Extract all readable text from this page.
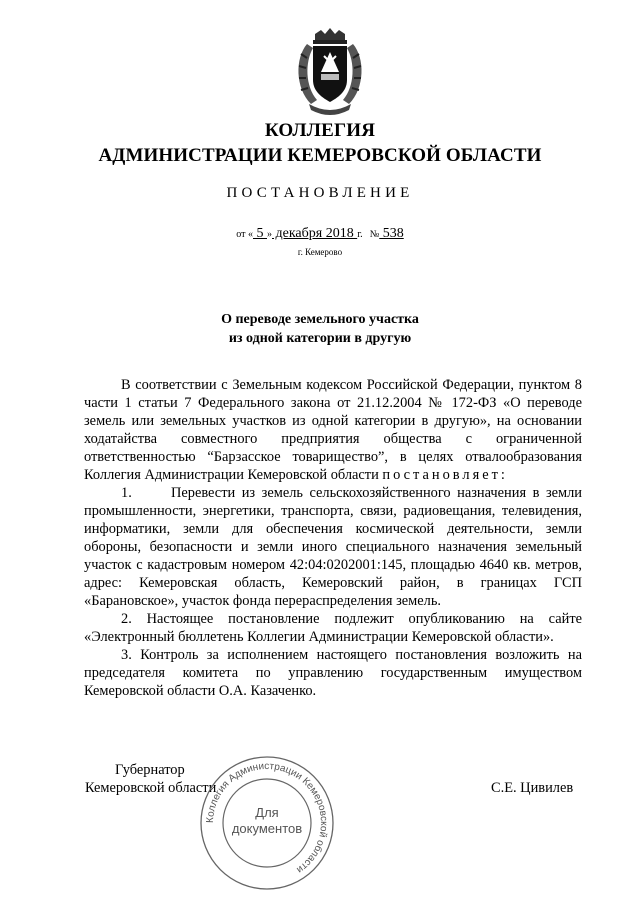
КОЛЛЕГИЯ
АДМИНИСТРАЦИИ КЕМЕРОВСКОЙ ОБЛАСТИ
ПОСТАНОВЛЕНИЕ
от « 5 » декабря 2018 г. № 538
г. Кемерово
О переводе земельного участка
из одной категории в другую

В соответствии с Земельным кодексом Российской Федерации, пунктом 8 части 1 статьи 7 Федерального закона от 21.12.2004 № 172-ФЗ «О переводе земель или земельных участков из одной категории в другую», на основании ходатайства совместного предприятия общества с ограниченной ответственностью “Барзасское товарищество”, в целях отвалообразования Коллегия Администрации Кемеровской области постановляет:

1.      Перевести из земель сельскохозяйственного назначения в земли промышленности, энергетики, транспорта, связи, радиовещания, телевидения, информатики, земли для обеспечения космической деятельности, земли обороны, безопасности и земли иного специального назначения земельный участок с кадастровым номером 42:04:0202001:145, площадью 4640 кв. метров, адрес: Кемеровская область, Кемеровский район, в границах ГСП «Барановское», участок фонда перераспределения земель.

2. Настоящее постановление подлежит опубликованию на сайте «Электронный бюллетень Коллегии Администрации Кемеровской области».

3. Контроль за исполнением настоящего постановления возложить на председателя комитета по управлению государственным имуществом Кемеровской области О.А. Казаченко.

Губернатор
Кемеровской области	С.Е. Цивилев
Коллегия Администрации Кемеровской области
Для
документов
